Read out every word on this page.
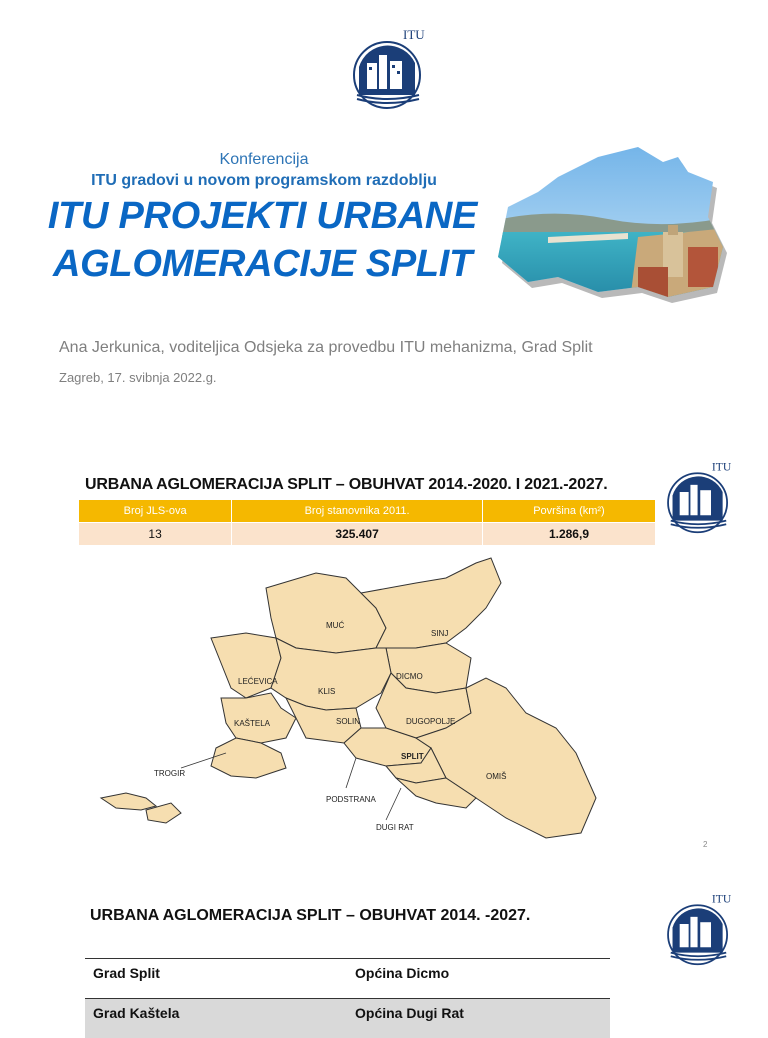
ITU
Konferencija
ITU gradovi u novom programskom razdoblju
ITU PROJEKTI URBANE
AGLOMERACIJE SPLIT
Ana Jerkunica, voditeljica Odsjeka za provedbu ITU mehanizma, Grad Split
Zagreb, 17. svibnja 2022.g.
URBANA AGLOMERACIJA SPLIT – OBUHVAT 2014.-2020. I 2021.-2027.
Broj JLS-ova	Broj stanovnika 2011.	Površina (km²)
13	325.407	1.286,9
ITU
MUĆ
SINJ
DICMO
LEĆEVICA
KLIS
KAŠTELA	SOLIN	DUGOPOLJE
SPLIT
TROGIR	OMIŠ
PODSTRANA
DUGI RAT
2
URBANA AGLOMERACIJA SPLIT – OBUHVAT 2014. -2027.
ITU
Grad Split	Općina Dicmo
Grad Kaštela	Općina Dugi Rat
